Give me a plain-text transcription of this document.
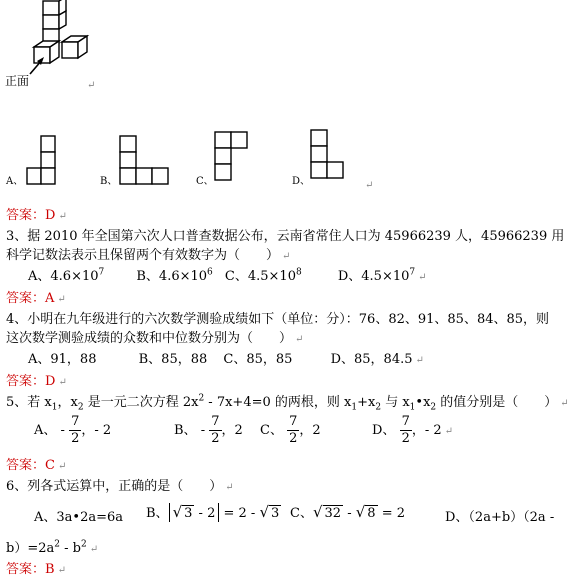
正面	↵
A、	B、	C、	D、	↵
答案：D ↵
3、据 2010 年全国第六次人口普查数据公布，云南省常住人口为 45966239 人，45966239 用
科学记数法表示且保留两个有效数字为（　　） ↵
A、$4.6\times 10^7$ B、$4.6\times 10^6$ C、$4.5\times 10^8$	D、$4.5\times 10^7$ ↵
答案：A ↵
4、小明在九年级进行的六次数学测验成绩如下（单位：分）：76、82、91、85、84、85，则
这次数学测验成绩的众数和中位数分别为（　　） ↵
A、91，88	B、85，88 C、85，85	D、85，84.5 ↵
答案：D ↵
5、若 $x_1$，$x_2$ 是一元二次方程 $2x^2 - 7x+4=0$ 的两根，则 $x_1+x_2$ 与 $x_1•x_2$ 的值分别是（　　） ↵
A、 - $\frac{7}{2}$ ，- 2	B、 - $\frac{7}{2}$ ，2 C、 $\frac{7}{2}$ ，2	D、 $\frac{7}{2}$ ，- 2 ↵
答案：C ↵
6、列各式运算中，正确的是（　　） ↵
A、3a•2a=6a B、 √ 3 - 2 = 2 - √ 3 C、√ 32 - √ 8 = 2	D、（2a+b）（2a -
$b)=2a^2 - b^2$ ↵
答案：B ↵
